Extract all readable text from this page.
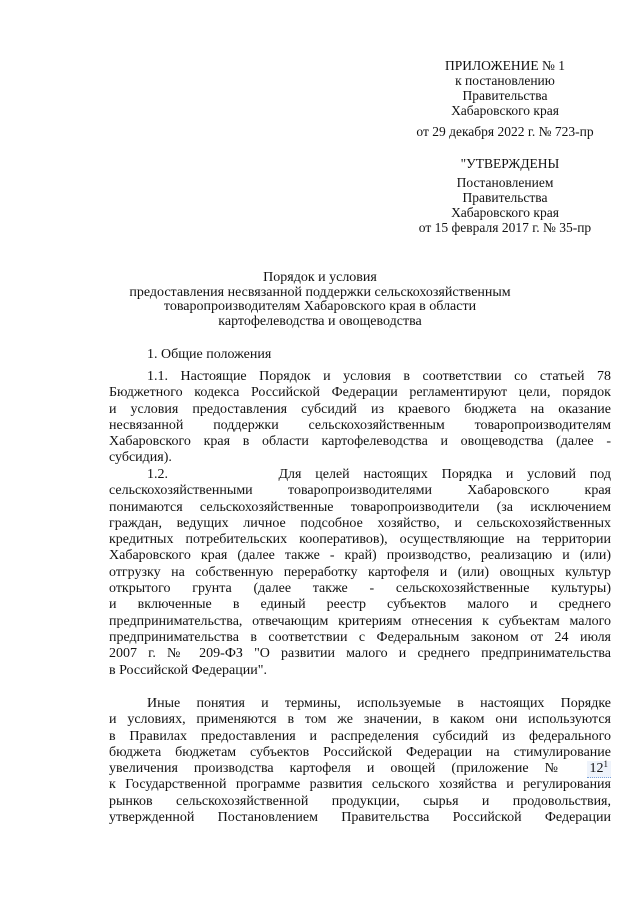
ПРИЛОЖЕНИЕ № 1
к постановлению
Правительства
Хабаровского края
от 29 декабря 2022 г. № 723-пр
"УТВЕРЖДЕНЫ
Постановлением
Правительства
Хабаровского края
от 15 февраля 2017 г. № 35-пр
Порядок и условия
предоставления несвязанной поддержки сельскохозяйственным
товаропроизводителям Хабаровского края в области
картофелеводства и овощеводства
1. Общие положения
1.1. Настоящие Порядок и условия в соответствии со статьей 78
Бюджетного кодекса Российской Федерации регламентируют цели, порядок
и условия предоставления субсидий из краевого бюджета на оказание
несвязанной поддержки сельскохозяйственным товаропроизводителям
Хабаровского края в области картофелеводства и овощеводства (далее -
субсидия).
1.2.	Для целей настоящих Порядка и условий под
сельскохозяйственными товаропроизводителями Хабаровского края
понимаются сельскохозяйственные товаропроизводители (за исключением
граждан, ведущих личное подсобное хозяйство, и сельскохозяйственных
кредитных потребительских кооперативов), осуществляющие на территории
Хабаровского края (далее также - край) производство, реализацию и (или)
отгрузку на собственную переработку картофеля и (или) овощных культур
открытого грунта (далее также - сельскохозяйственные культуры)
и включенные в единый реестр субъектов малого и среднего
предпринимательства, отвечающим критериям отнесения к субъектам малого
предпринимательства в соответствии с Федеральным законом от 24 июля
2007 г. № 209-ФЗ "О развитии малого и среднего предпринимательства
в Российской Федерации".
Иные понятия и термины, используемые в настоящих Порядке
и условиях, применяются в том же значении, в каком они используются
в Правилах предоставления и распределения субсидий из федерального
бюджета бюджетам субъектов Российской Федерации на стимулирование
увеличения производства картофеля и овощей (приложение № $12^1$
к Государственной программе развития сельского хозяйства и регулирования
рынков сельскохозяйственной продукции, сырья и продовольствия,
утвержденной Постановлением Правительства Российской Федерации
